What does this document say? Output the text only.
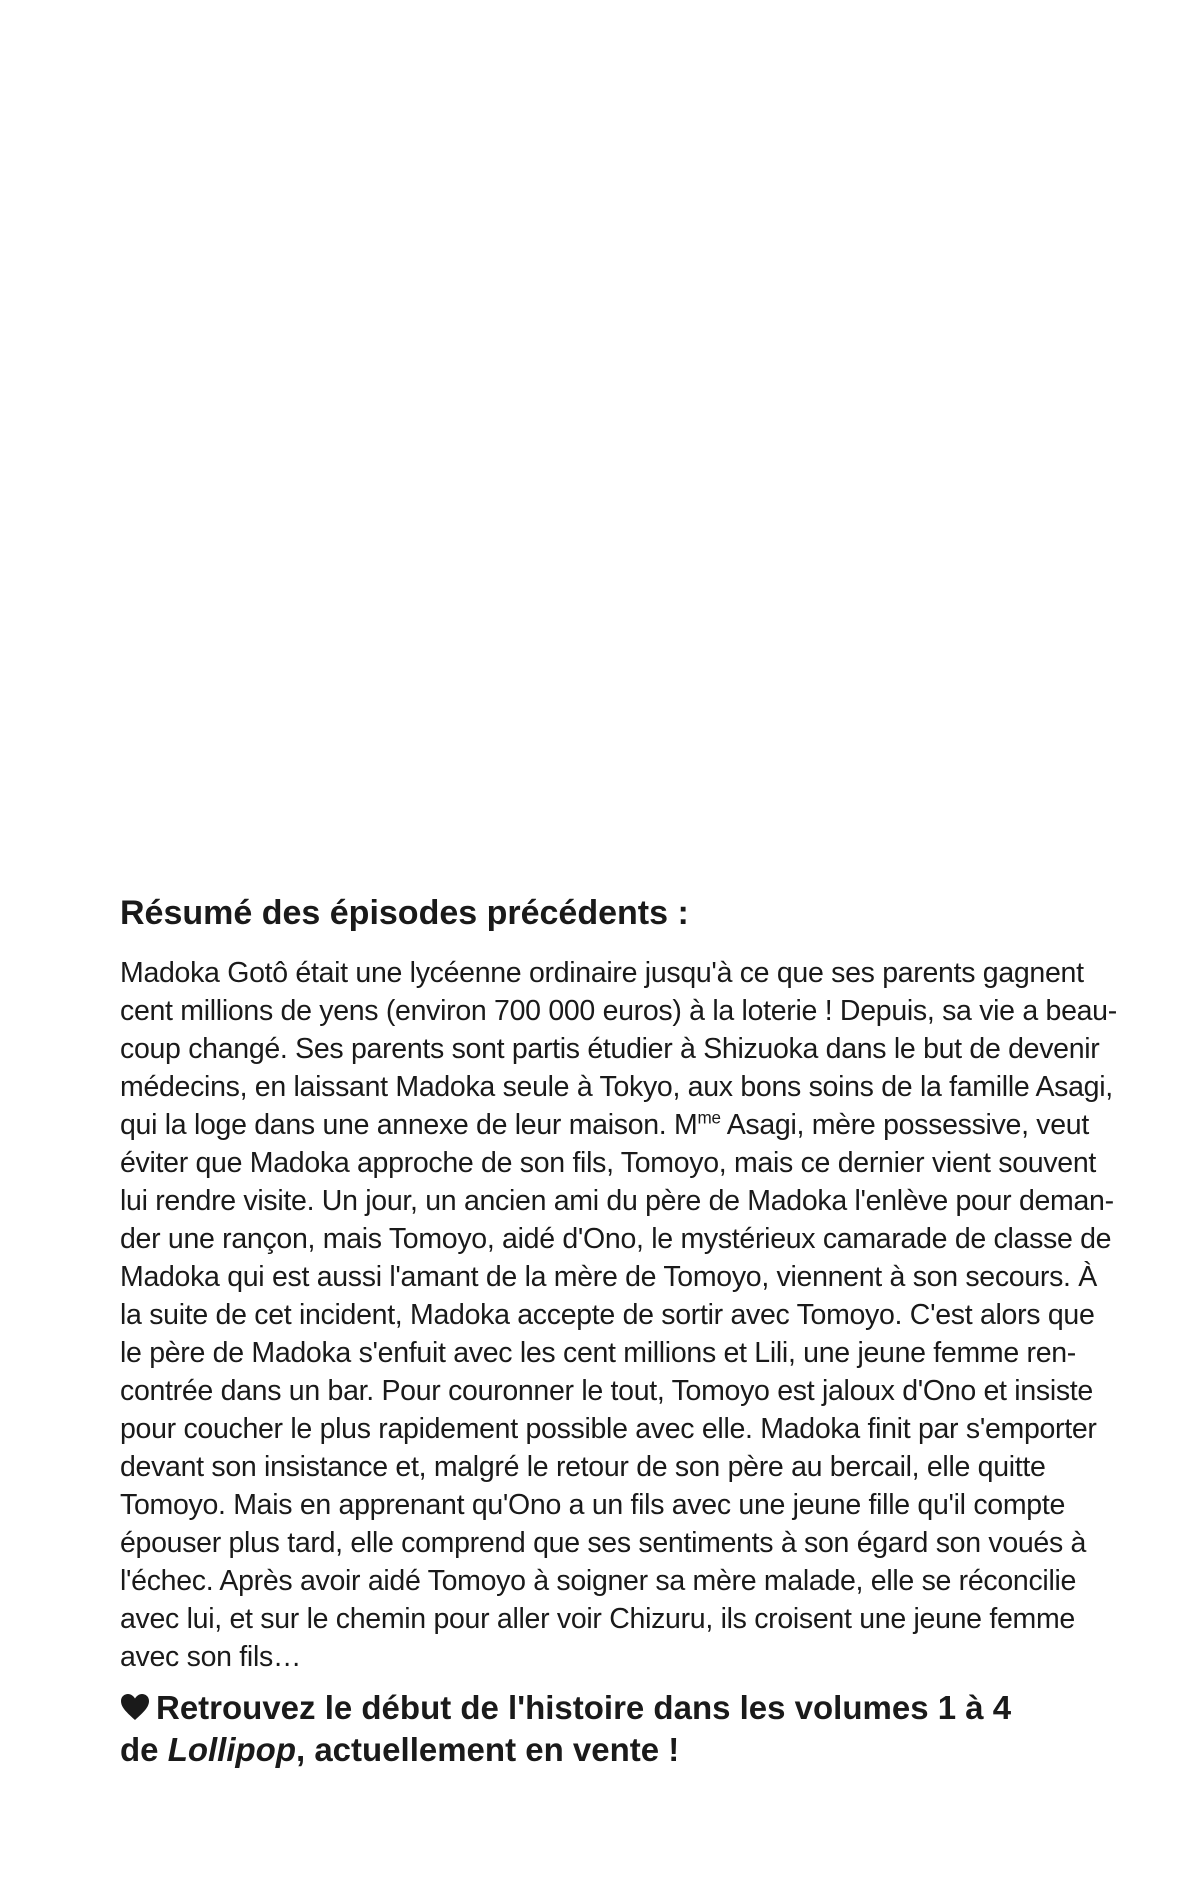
Résumé des épisodes précédents :

Madoka Gotô était une lycéenne ordinaire jusqu'à ce que ses parents gagnent
cent millions de yens (environ 700 000 euros) à la loterie ! Depuis, sa vie a beau-
coup changé. Ses parents sont partis étudier à Shizuoka dans le but de devenir
médecins, en laissant Madoka seule à Tokyo, aux bons soins de la famille Asagi,
qui la loge dans une annexe de leur maison. $M^{me}$ Asagi, mère possessive, veut
éviter que Madoka approche de son fils, Tomoyo, mais ce dernier vient souvent
lui rendre visite. Un jour, un ancien ami du père de Madoka l'enlève pour deman-
der une rançon, mais Tomoyo, aidé d'Ono, le mystérieux camarade de classe de
Madoka qui est aussi l'amant de la mère de Tomoyo, viennent à son secours. À
la suite de cet incident, Madoka accepte de sortir avec Tomoyo. C'est alors que
le père de Madoka s'enfuit avec les cent millions et Lili, une jeune femme ren-
contrée dans un bar. Pour couronner le tout, Tomoyo est jaloux d'Ono et insiste
pour coucher le plus rapidement possible avec elle. Madoka finit par s'emporter
devant son insistance et, malgré le retour de son père au bercail, elle quitte
Tomoyo. Mais en apprenant qu'Ono a un fils avec une jeune fille qu'il compte
épouser plus tard, elle comprend que ses sentiments à son égard son voués à
l'échec. Après avoir aidé Tomoyo à soigner sa mère malade, elle se réconcilie
avec lui, et sur le chemin pour aller voir Chizuru, ils croisent une jeune femme
avec son fils…

Retrouvez le début de l'histoire dans les volumes 1 à 4
de Lollipop, actuellement en vente !
